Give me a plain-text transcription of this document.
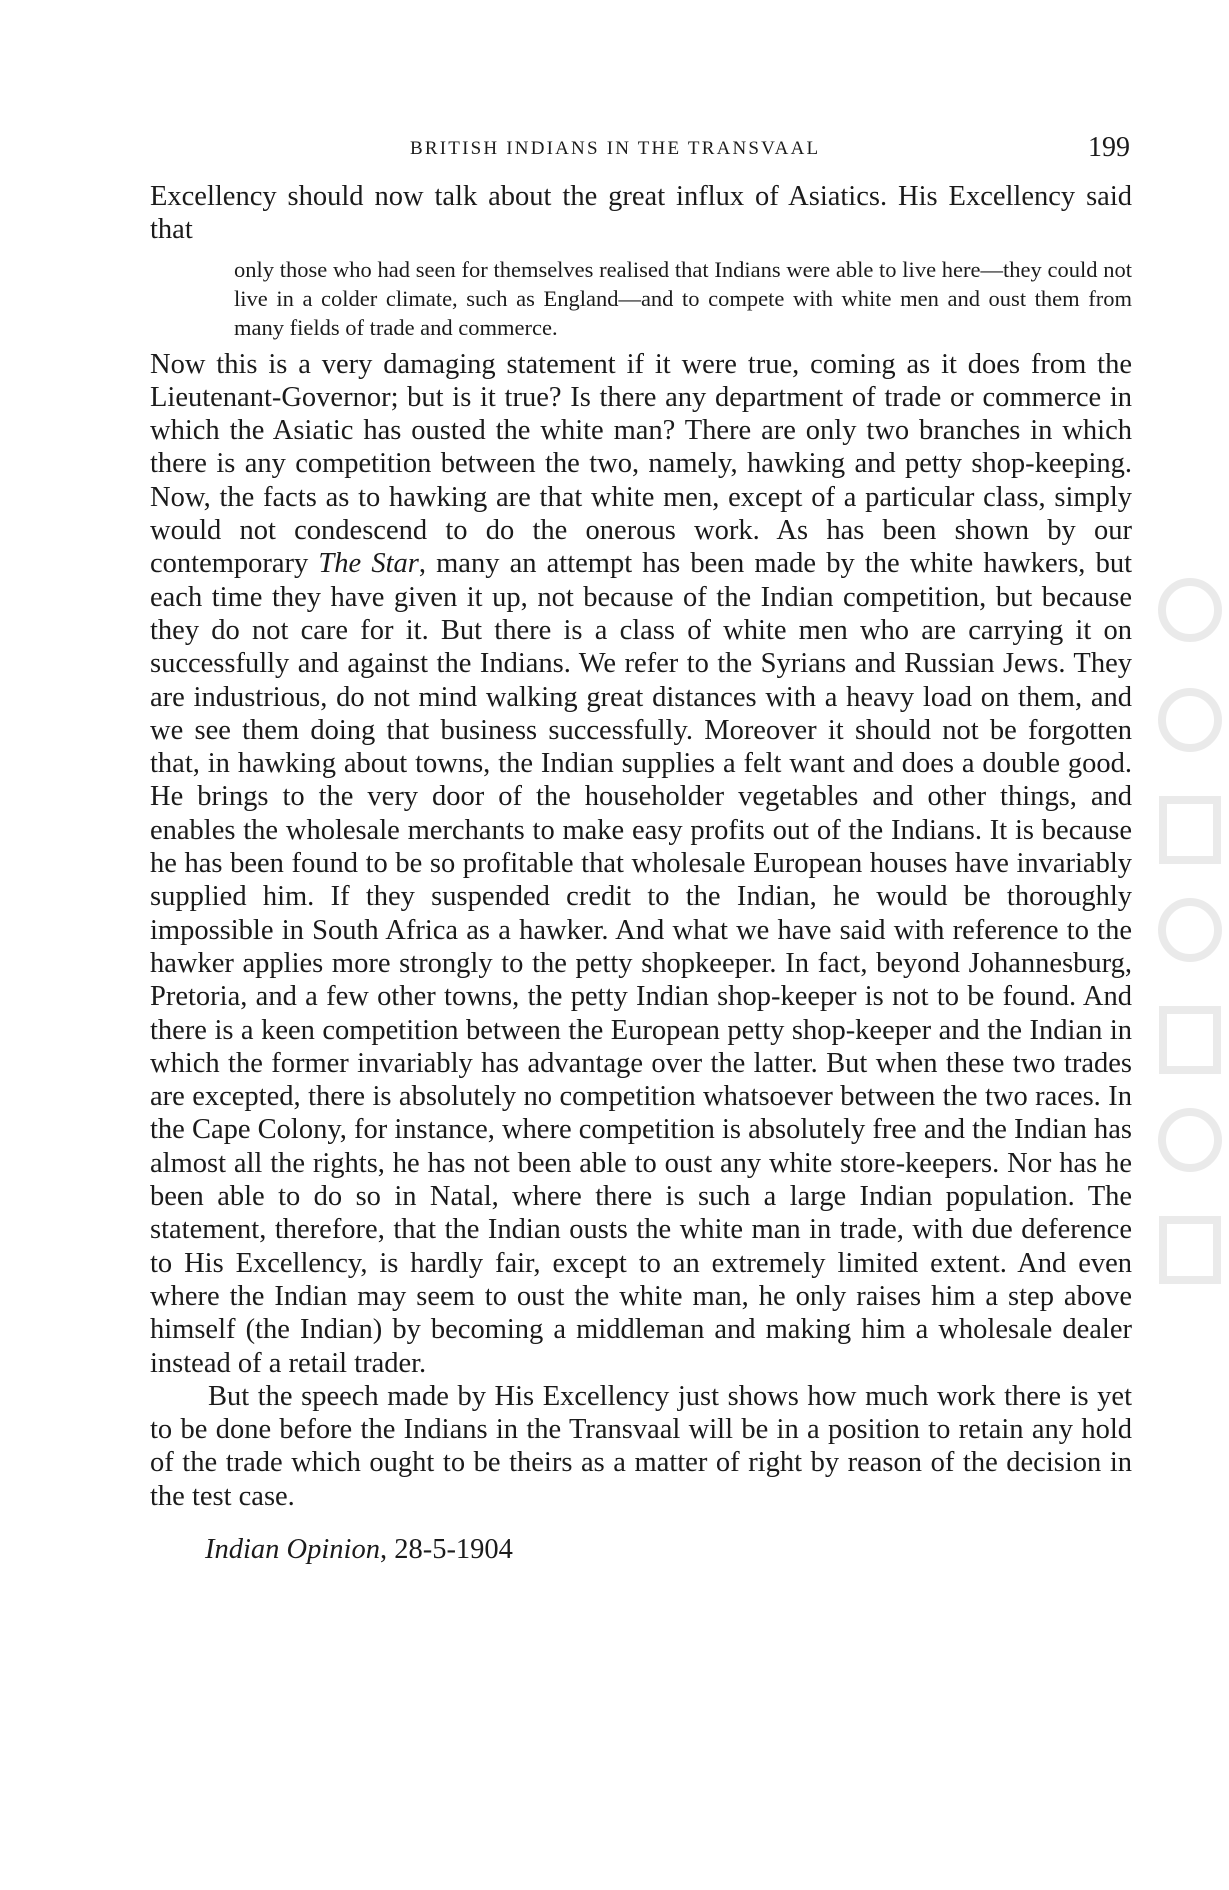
BRITISH INDIANS IN THE TRANSVAAL	199

Excellency should now talk about the great influx of Asiatics. His Excellency said that

only those who had seen for themselves realised that Indians were able to live here—they could not live in a colder climate, such as England—and to compete with white men and oust them from many fields of trade and commerce.

Now this is a very damaging statement if it were true, coming as it does from the Lieutenant-Governor; but is it true? Is there any department of trade or commerce in which the Asiatic has ousted the white man? There are only two branches in which there is any competition between the two, namely, hawking and petty shop-keeping. Now, the facts as to hawking are that white men, except of a particular class, simply would not condescend to do the onerous work. As has been shown by our contemporary The Star, many an attempt has been made by the white hawkers, but each time they have given it up, not because of the Indian competition, but because they do not care for it. But there is a class of white men who are carrying it on successfully and against the Indians. We refer to the Syrians and Russian Jews. They are industrious, do not mind walking great distances with a heavy load on them, and we see them doing that business successfully. Moreover it should not be forgotten that, in hawking about towns, the Indian supplies a felt want and does a double good. He brings to the very door of the householder vegetables and other things, and enables the wholesale merchants to make easy profits out of the Indians. It is because he has been found to be so profitable that wholesale European houses have invariably supplied him. If they suspended credit to the Indian, he would be thoroughly impossible in South Africa as a hawker. And what we have said with reference to the hawker applies more strongly to the petty shopkeeper. In fact, beyond Johannesburg, Pretoria, and a few other towns, the petty Indian shop-keeper is not to be found. And there is a keen competition between the European petty shop-keeper and the Indian in which the former invariably has advantage over the latter. But when these two trades are excepted, there is absolutely no competition whatsoever between the two races. In the Cape Colony, for instance, where competition is absolutely free and the Indian has almost all the rights, he has not been able to oust any white store-keepers. Nor has he been able to do so in Natal, where there is such a large Indian population. The statement, therefore, that the Indian ousts the white man in trade, with due deference to His Excellency, is hardly fair, except to an extremely limited extent. And even where the Indian may seem to oust the white man, he only raises him a step above himself (the Indian) by becoming a middleman and making him a wholesale dealer instead of a retail trader.

But the speech made by His Excellency just shows how much work there is yet to be done before the Indians in the Transvaal will be in a position to retain any hold of the trade which ought to be theirs as a matter of right by reason of the decision in the test case.

Indian Opinion, 28-5-1904
